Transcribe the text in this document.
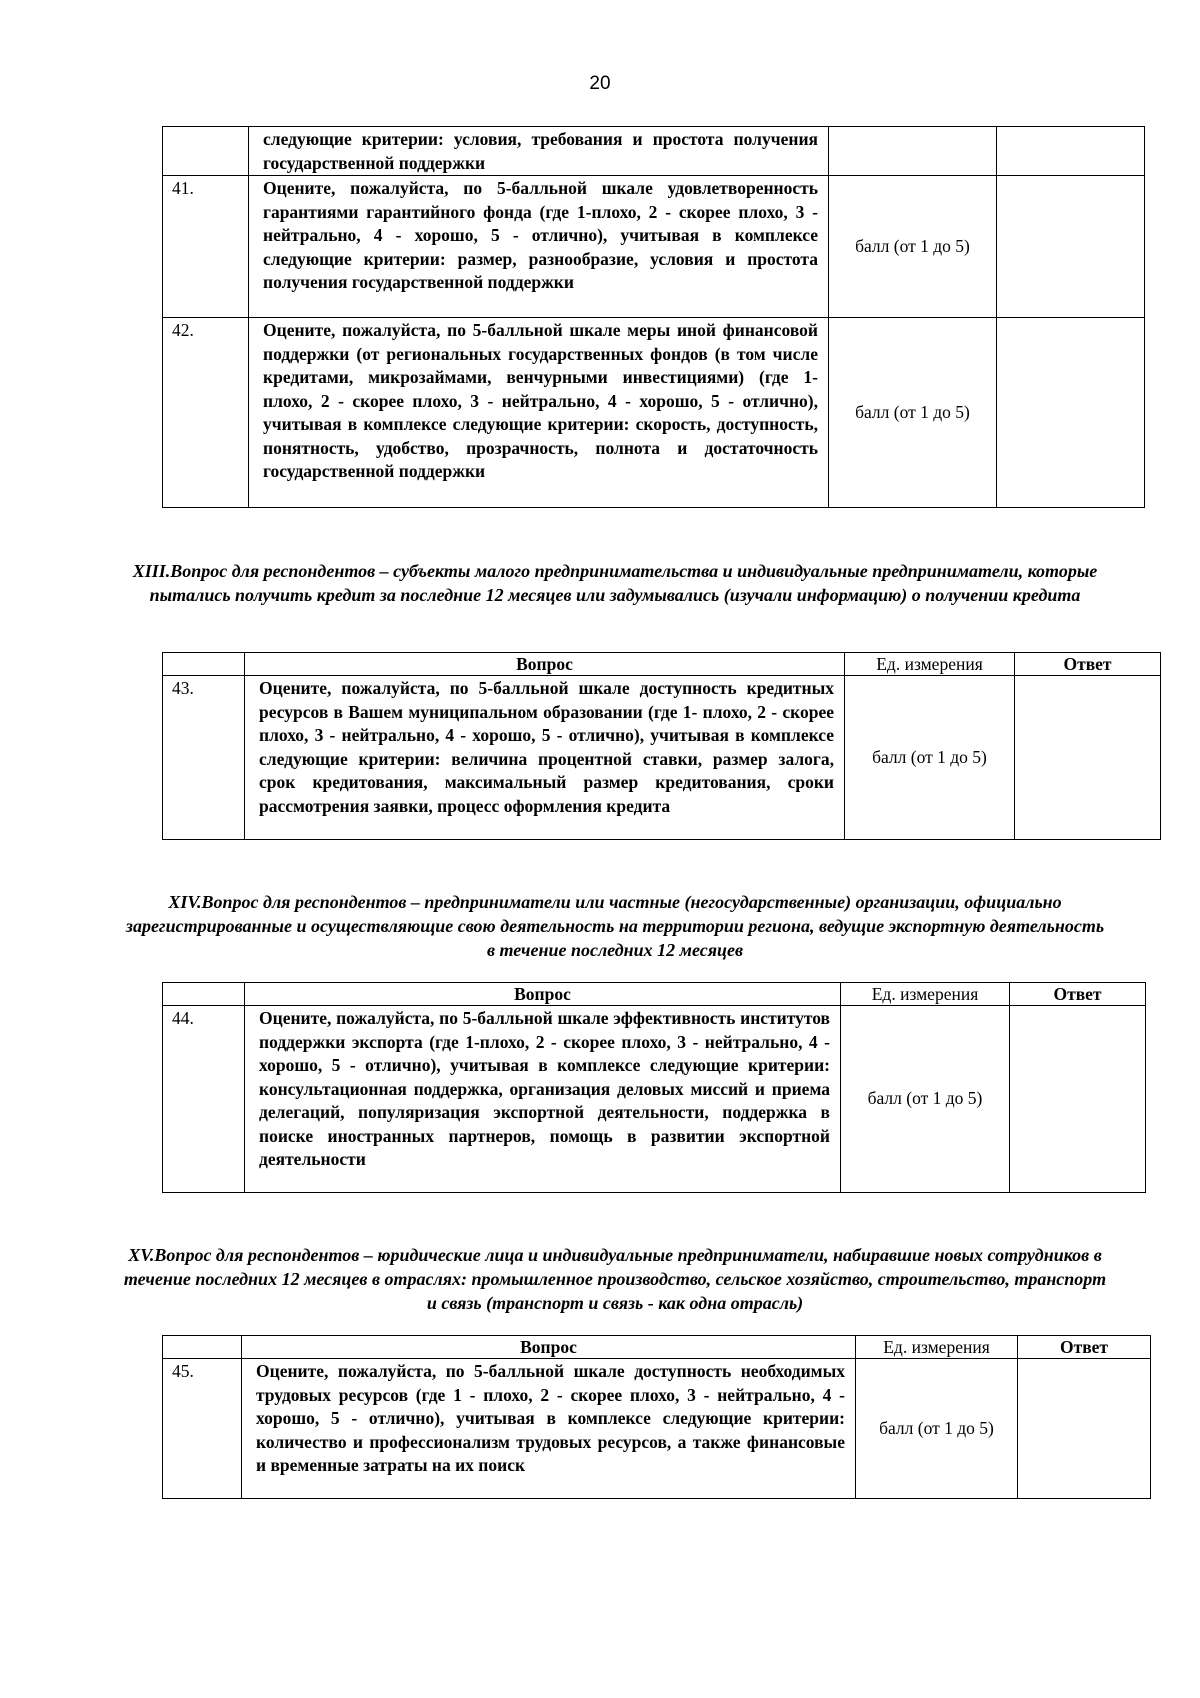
20
	следующие критерии: условия, требования и простота получения государственной поддержки		
41.	Оцените, пожалуйста, по 5-балльной шкале удовлетворенность гарантиями гарантийного фонда (где 1-плохо, 2 - скорее плохо, 3 - нейтрально, 4 - хорошо, 5 - отлично), учитывая в комплексе следующие критерии: размер, разнообразие, условия и простота получения государственной поддержки	балл (от 1 до 5)	
42.	Оцените, пожалуйста, по 5-балльной шкале меры иной финансовой поддержки (от региональных государственных фондов (в том числе кредитами, микрозаймами, венчурными инвестициями) (где 1- плохо, 2 - скорее плохо, 3 - нейтрально, 4 - хорошо, 5 - отлично), учитывая в комплексе следующие критерии: скорость, доступность, понятность, удобство, прозрачность, полнота и достаточность государственной поддержки	балл (от 1 до 5)	
XIII.Вопрос для респондентов – субъекты малого предпринимательства и индивидуальные предприниматели, которые пытались получить кредит за последние 12 месяцев или задумывались (изучали информацию) о получении кредита
	Вопрос	Ед. измерения	Ответ
43.	Оцените, пожалуйста, по 5-балльной шкале доступность кредитных ресурсов в Вашем муниципальном образовании (где 1- плохо, 2 - скорее плохо, 3 - нейтрально, 4 - хорошо, 5 - отлично), учитывая в комплексе следующие критерии: величина процентной ставки, размер залога, срок кредитования, максимальный размер кредитования, сроки рассмотрения заявки, процесс оформления кредита	балл (от 1 до 5)	
XIV.Вопрос для респондентов – предприниматели или частные (негосударственные) организации, официально зарегистрированные и осуществляющие свою деятельность на территории региона, ведущие экспортную деятельность в течение последних 12 месяцев
	Вопрос	Ед. измерения	Ответ
44.	Оцените, пожалуйста, по 5-балльной шкале эффективность институтов поддержки экспорта (где 1-плохо, 2 - скорее плохо, 3 - нейтрально, 4 - хорошо, 5 - отлично), учитывая в комплексе следующие критерии: консультационная поддержка, организация деловых миссий и приема делегаций, популяризация экспортной деятельности, поддержка в поиске иностранных партнеров, помощь в развитии экспортной деятельности	балл (от 1 до 5)	
XV.Вопрос для респондентов – юридические лица и индивидуальные предприниматели, набиравшие новых сотрудников в течение последних 12 месяцев в отраслях: промышленное производство, сельское хозяйство, строительство, транспорт и связь (транспорт и связь - как одна отрасль)
	Вопрос	Ед. измерения	Ответ
45.	Оцените, пожалуйста, по 5-балльной шкале доступность необходимых трудовых ресурсов (где 1 - плохо, 2 - скорее плохо, 3 - нейтрально, 4 - хорошо, 5 - отлично), учитывая в комплексе следующие критерии: количество и профессионализм трудовых ресурсов, а также финансовые и временные затраты на их поиск	балл (от 1 до 5)	
